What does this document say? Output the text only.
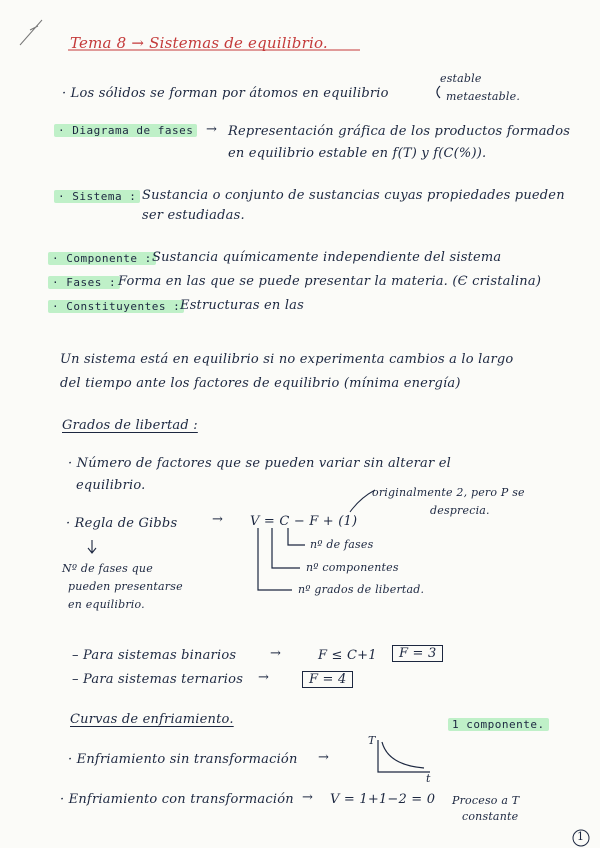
Tema 8 → Sistemas de equilibrio.
· Los sólidos se forman por átomos en equilibrio
estable
metaestable.
· Diagrama de fases → Representación gráfica de los productos formados
en equilibrio estable en f(T) y f(C(%)).
· Sistema : Sustancia o conjunto de sustancias cuyas propiedades pueden
ser estudiadas.
· Componente : Sustancia químicamente independiente del sistema
· Fases : Forma en las que se puede presentar la materia. (Є cristalina)
· Constituyentes : Estructuras en las
Un sistema está en equilibrio si no experimenta cambios a lo largo
del tiempo ante los factores de equilibrio (mínima energía)
Grados de libertad :
· Número de factores que se pueden variar sin alterar el
equilibrio.	originalmente 2, pero P se
desprecia.
· Regla de Gibbs	→ V = C − F + (1)
nº de fases
nº componentes
nº grados de libertad.
Nº de fases que
pueden presentarse
en equilibrio.
– Para sistemas binarios	→	F ≤ C+1	F = 3
– Para sistemas ternarios →	F = 4
Curvas de enfriamiento.	1 componente.
· Enfriamiento sin transformación →
T
t
· Enfriamiento con transformación → V = 1+1−2 = 0 Proceso a T
constante
1
